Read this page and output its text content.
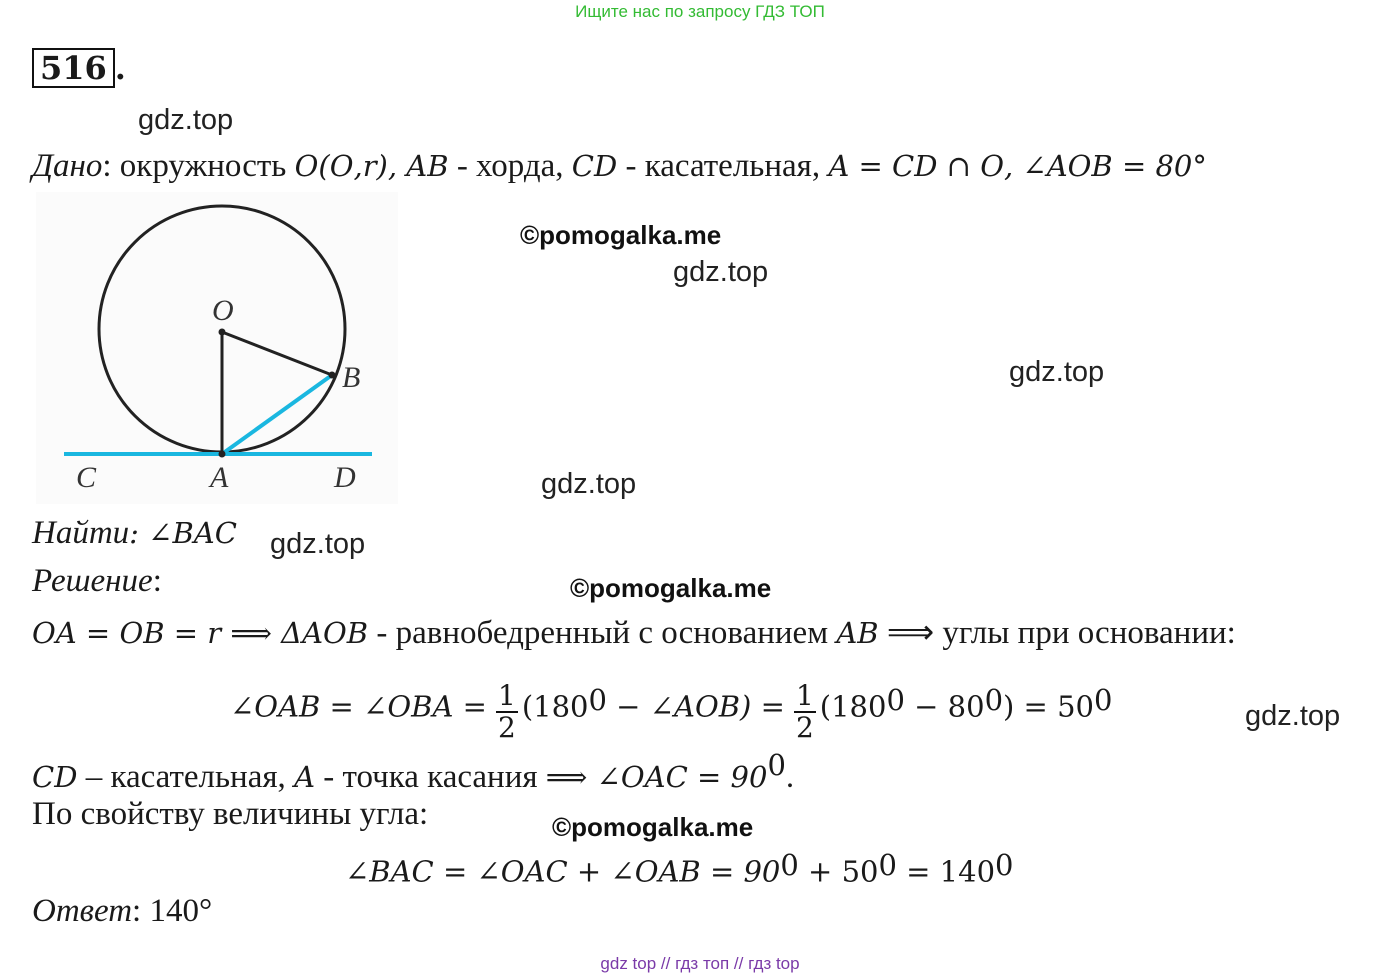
Ищите нас по запросу ГДЗ ТОП
516 .
gdz.top
Дано: окружность 𝑂(𝑂,𝑟), 𝐴𝐵 - хорда, 𝐶𝐷 - касательная, 𝐴 = 𝐶𝐷 ∩ 𝑂, ∠𝐴𝑂𝐵 = 80°
O
B
C	A	D
©pomogalka.me
gdz.top
gdz.top
gdz.top
Найти: ∠𝐵𝐴𝐶 gdz.top
Решение:	©pomogalka.me
𝑂𝐴 = 𝑂𝐵 = 𝑟 ⟹ Δ𝐴𝑂𝐵 - равнобедренный с основанием 𝐴𝐵 ⟹ углы при основании:
∠𝑂𝐴𝐵 = ∠𝑂𝐵𝐴 = $\frac{1}{2} (180^0$ − ∠𝐴𝑂𝐵) = $\frac{1}{2} (180^0 - 80^0) = 50^0$	gdz.top
𝐶𝐷 – касательная, 𝐴 - точка касания ⟹ ∠𝑂𝐴𝐶 = $90^0$.
По свойству величины угла:	©pomogalka.me
∠𝐵𝐴𝐶 = ∠𝑂𝐴𝐶 + ∠𝑂𝐴𝐵 = $90^0 + 50^0 = 140^0$
Ответ: 140°
gdz top // гдз топ // гдз top
